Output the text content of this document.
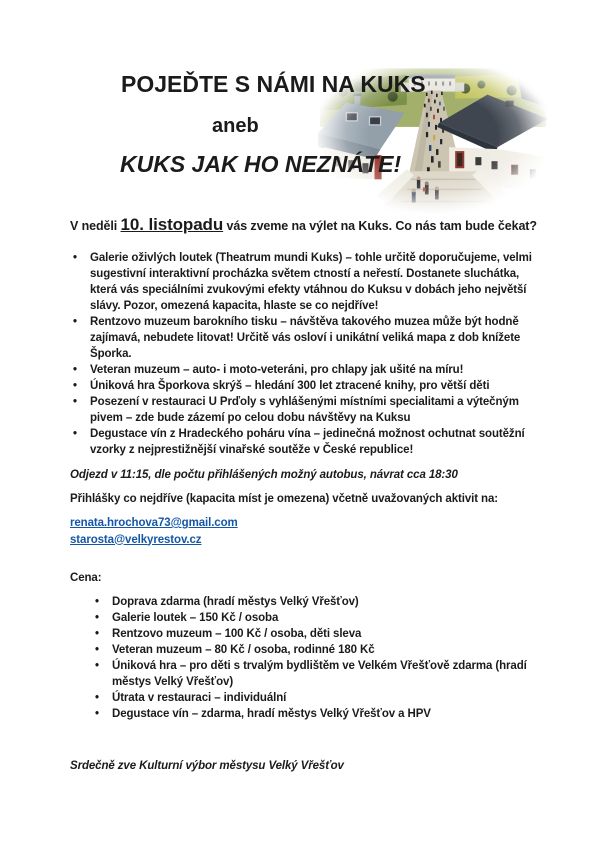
POJEĎTE S NÁMI NA KUKS
aneb
KUKS JAK HO NEZNÁTE!

V neděli 10. listopadu vás zveme na výlet na Kuks. Co nás tam bude čekat?

• Galerie oživlých loutek (Theatrum mundi Kuks) – tohle určitě doporučujeme, velmi sugestivní interaktivní procházka světem ctností a neřestí. Dostanete sluchátka, která vás speciálními zvukovými efekty vtáhnou do Kuksu v dobách jeho největší slávy. Pozor, omezená kapacita, hlaste se co nejdříve!
• Rentzovo muzeum barokního tisku – návštěva takového muzea může být hodně zajímavá, nebudete litovat! Určitě vás osloví i unikátní veliká mapa z dob knížete Šporka.
• Veteran muzeum – auto- i moto-veteráni, pro chlapy jak ušité na míru!
• Úniková hra Šporkova skrýš – hledání 300 let ztracené knihy, pro větší děti
• Posezení v restauraci U Prďoly s vyhlášenými místními specialitami a výtečným pivem – zde bude zázemí po celou dobu návštěvy na Kuksu
• Degustace vín z Hradeckého poháru vína – jedinečná možnost ochutnat soutěžní vzorky z nejprestižnější vinařské soutěže v České republice!

Odjezd v 11:15, dle počtu přihlášených možný autobus, návrat cca 18:30

Přihlášky co nejdříve (kapacita míst je omezena) včetně uvažovaných aktivit na:

renata.hrochova73@gmail.com
starosta@velkyrestov.cz

Cena:

• Doprava zdarma (hradí městys Velký Vřešťov)
• Galerie loutek – 150 Kč / osoba
• Rentzovo muzeum – 100 Kč / osoba, děti sleva
• Veteran muzeum – 80 Kč / osoba, rodinné 180 Kč
• Úniková hra – pro děti s trvalým bydlištěm ve Velkém Vřešťově zdarma (hradí městys Velký Vřešťov)
• Útrata v restauraci – individuální
• Degustace vín – zdarma, hradí městys Velký Vřešťov a HPV

Srdečně zve Kulturní výbor městysu Velký Vřešťov
